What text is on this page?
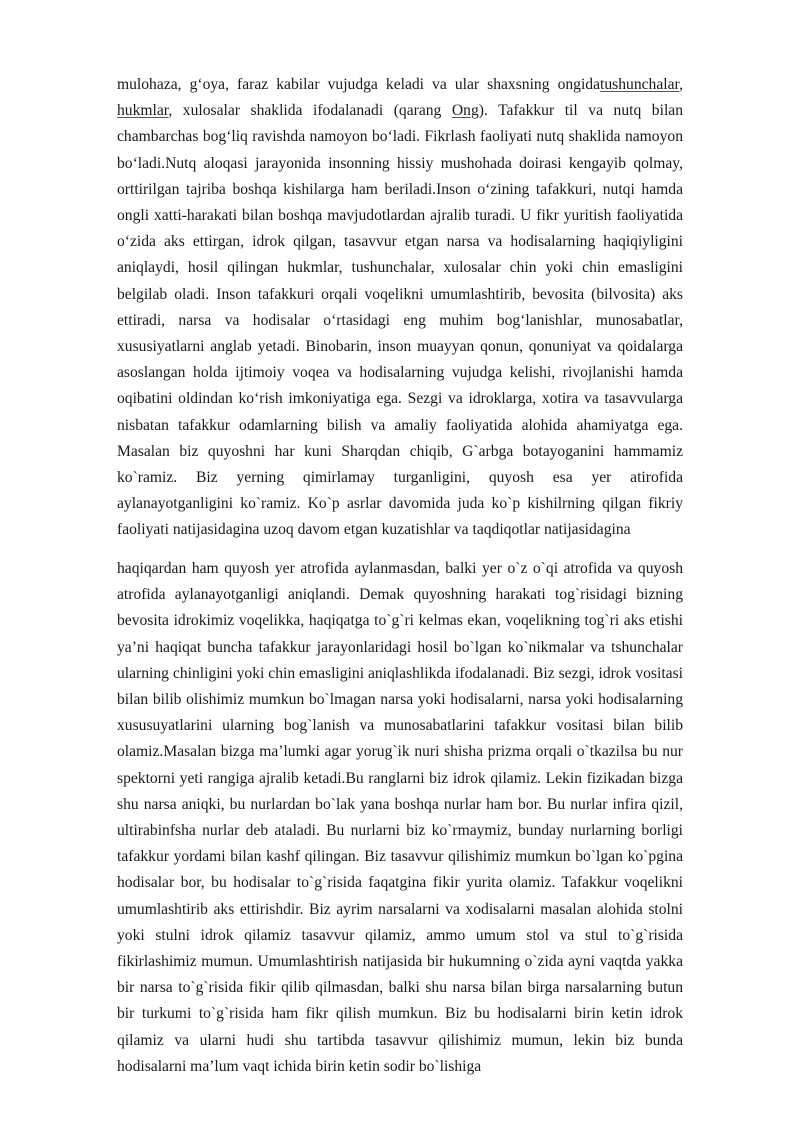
mulohaza, g‘oya, faraz kabilar vujudga keladi va ular shaxsning ongidatushunchalar, hukmlar, xulosalar shaklida ifodalanadi (qarang Ong). Tafakkur til va nutq bilan chambarchas bog‘liq ravishda namoyon bo‘ladi. Fikrlash faoliyati nutq shaklida namoyon bo‘ladi.Nutq aloqasi jarayonida insonning hissiy mushohada doirasi kengayib qolmay, orttirilgan tajriba boshqa kishilarga ham beriladi.Inson o‘zining tafakkuri, nutqi hamda ongli xatti-harakati bilan boshqa mavjudotlardan ajralib turadi. U fikr yuritish faoliyatida o‘zida aks ettirgan, idrok qilgan, tasavvur etgan narsa va hodisalarning haqiqiyligini aniqlaydi, hosil qilingan hukmlar, tushunchalar, xulosalar chin yoki chin emasligini belgilab oladi. Inson tafakkuri orqali voqelikni umumlashtirib, bevosita (bilvosita) aks ettiradi, narsa va hodisalar o‘rtasidagi eng muhim bog‘lanishlar, munosabatlar, xususiyatlarni anglab yetadi. Binobarin, inson muayyan qonun, qonuniyat va qoidalarga asoslangan holda ijtimoiy voqea va hodisalarning vujudga kelishi, rivojlanishi hamda oqibatini oldindan ko‘rish imkoniyatiga ega. Sezgi va idroklarga, xotira va tasavvularga nisbatan tafakkur odamlarning bilish va amaliy faoliyatida alohida ahamiyatga ega. Masalan biz quyoshni har kuni Sharqdan chiqib, G`arbga botayoganini hammamiz ko`ramiz. Biz yerning qimirlamay turganligini, quyosh esa yer atirofida aylanayotganligini ko`ramiz. Ko`p asrlar davomida juda ko`p kishilrning qilgan fikriy faoliyati natijasidagina uzoq davom etgan kuzatishlar va taqdiqotlar natijasidagina

haqiqardan ham quyosh yer atrofida aylanmasdan, balki yer o`z o`qi atrofida va quyosh atrofida aylanayotganligi aniqlandi. Demak quyoshning harakati tog`risidagi bizning bevosita idrokimiz voqelikka, haqiqatga to`g`ri kelmas ekan, voqelikning tog`ri aks etishi ya’ni haqiqat buncha tafakkur jarayonlaridagi hosil bo`lgan ko`nikmalar va tshunchalar ularning chinligini yoki chin emasligini aniqlashlikda ifodalanadi. Biz sezgi, idrok vositasi bilan bilib olishimiz mumkun bo`lmagan narsa yoki hodisalarni, narsa yoki hodisalarning xususuyatlarini ularning bog`lanish va munosabatlarini tafakkur vositasi bilan bilib olamiz.Masalan bizga ma’lumki agar yorug`ik nuri shisha prizma orqali o`tkazilsa bu nur spektorni yeti rangiga ajralib ketadi.Bu ranglarni biz idrok qilamiz. Lekin fizikadan bizga shu narsa aniqki, bu nurlardan bo`lak yana boshqa nurlar ham bor. Bu nurlar infira qizil, ultirabinfsha nurlar deb ataladi. Bu nurlarni biz ko`rmaymiz, bunday nurlarning borligi tafakkur yordami bilan kashf qilingan. Biz tasavvur qilishimiz mumkun bo`lgan ko`pgina hodisalar bor, bu hodisalar to`g`risida faqatgina fikir yurita olamiz. Tafakkur voqelikni umumlashtirib aks ettirishdir. Biz ayrim narsalarni va xodisalarni masalan alohida stolni yoki stulni idrok qilamiz tasavvur qilamiz, ammo umum stol va stul to`g`risida fikirlashimiz mumun. Umumlashtirish natijasida bir hukumning o`zida ayni vaqtda yakka bir narsa to`g`risida fikir qilib qilmasdan, balki shu narsa bilan birga narsalarning butun bir turkumi to`g`risida ham fikr qilish mumkun. Biz bu hodisalarni birin ketin idrok qilamiz va ularni hudi shu tartibda tasavvur qilishimiz mumun, lekin biz bunda hodisalarni ma’lum vaqt ichida birin ketin sodir bo`lishiga
